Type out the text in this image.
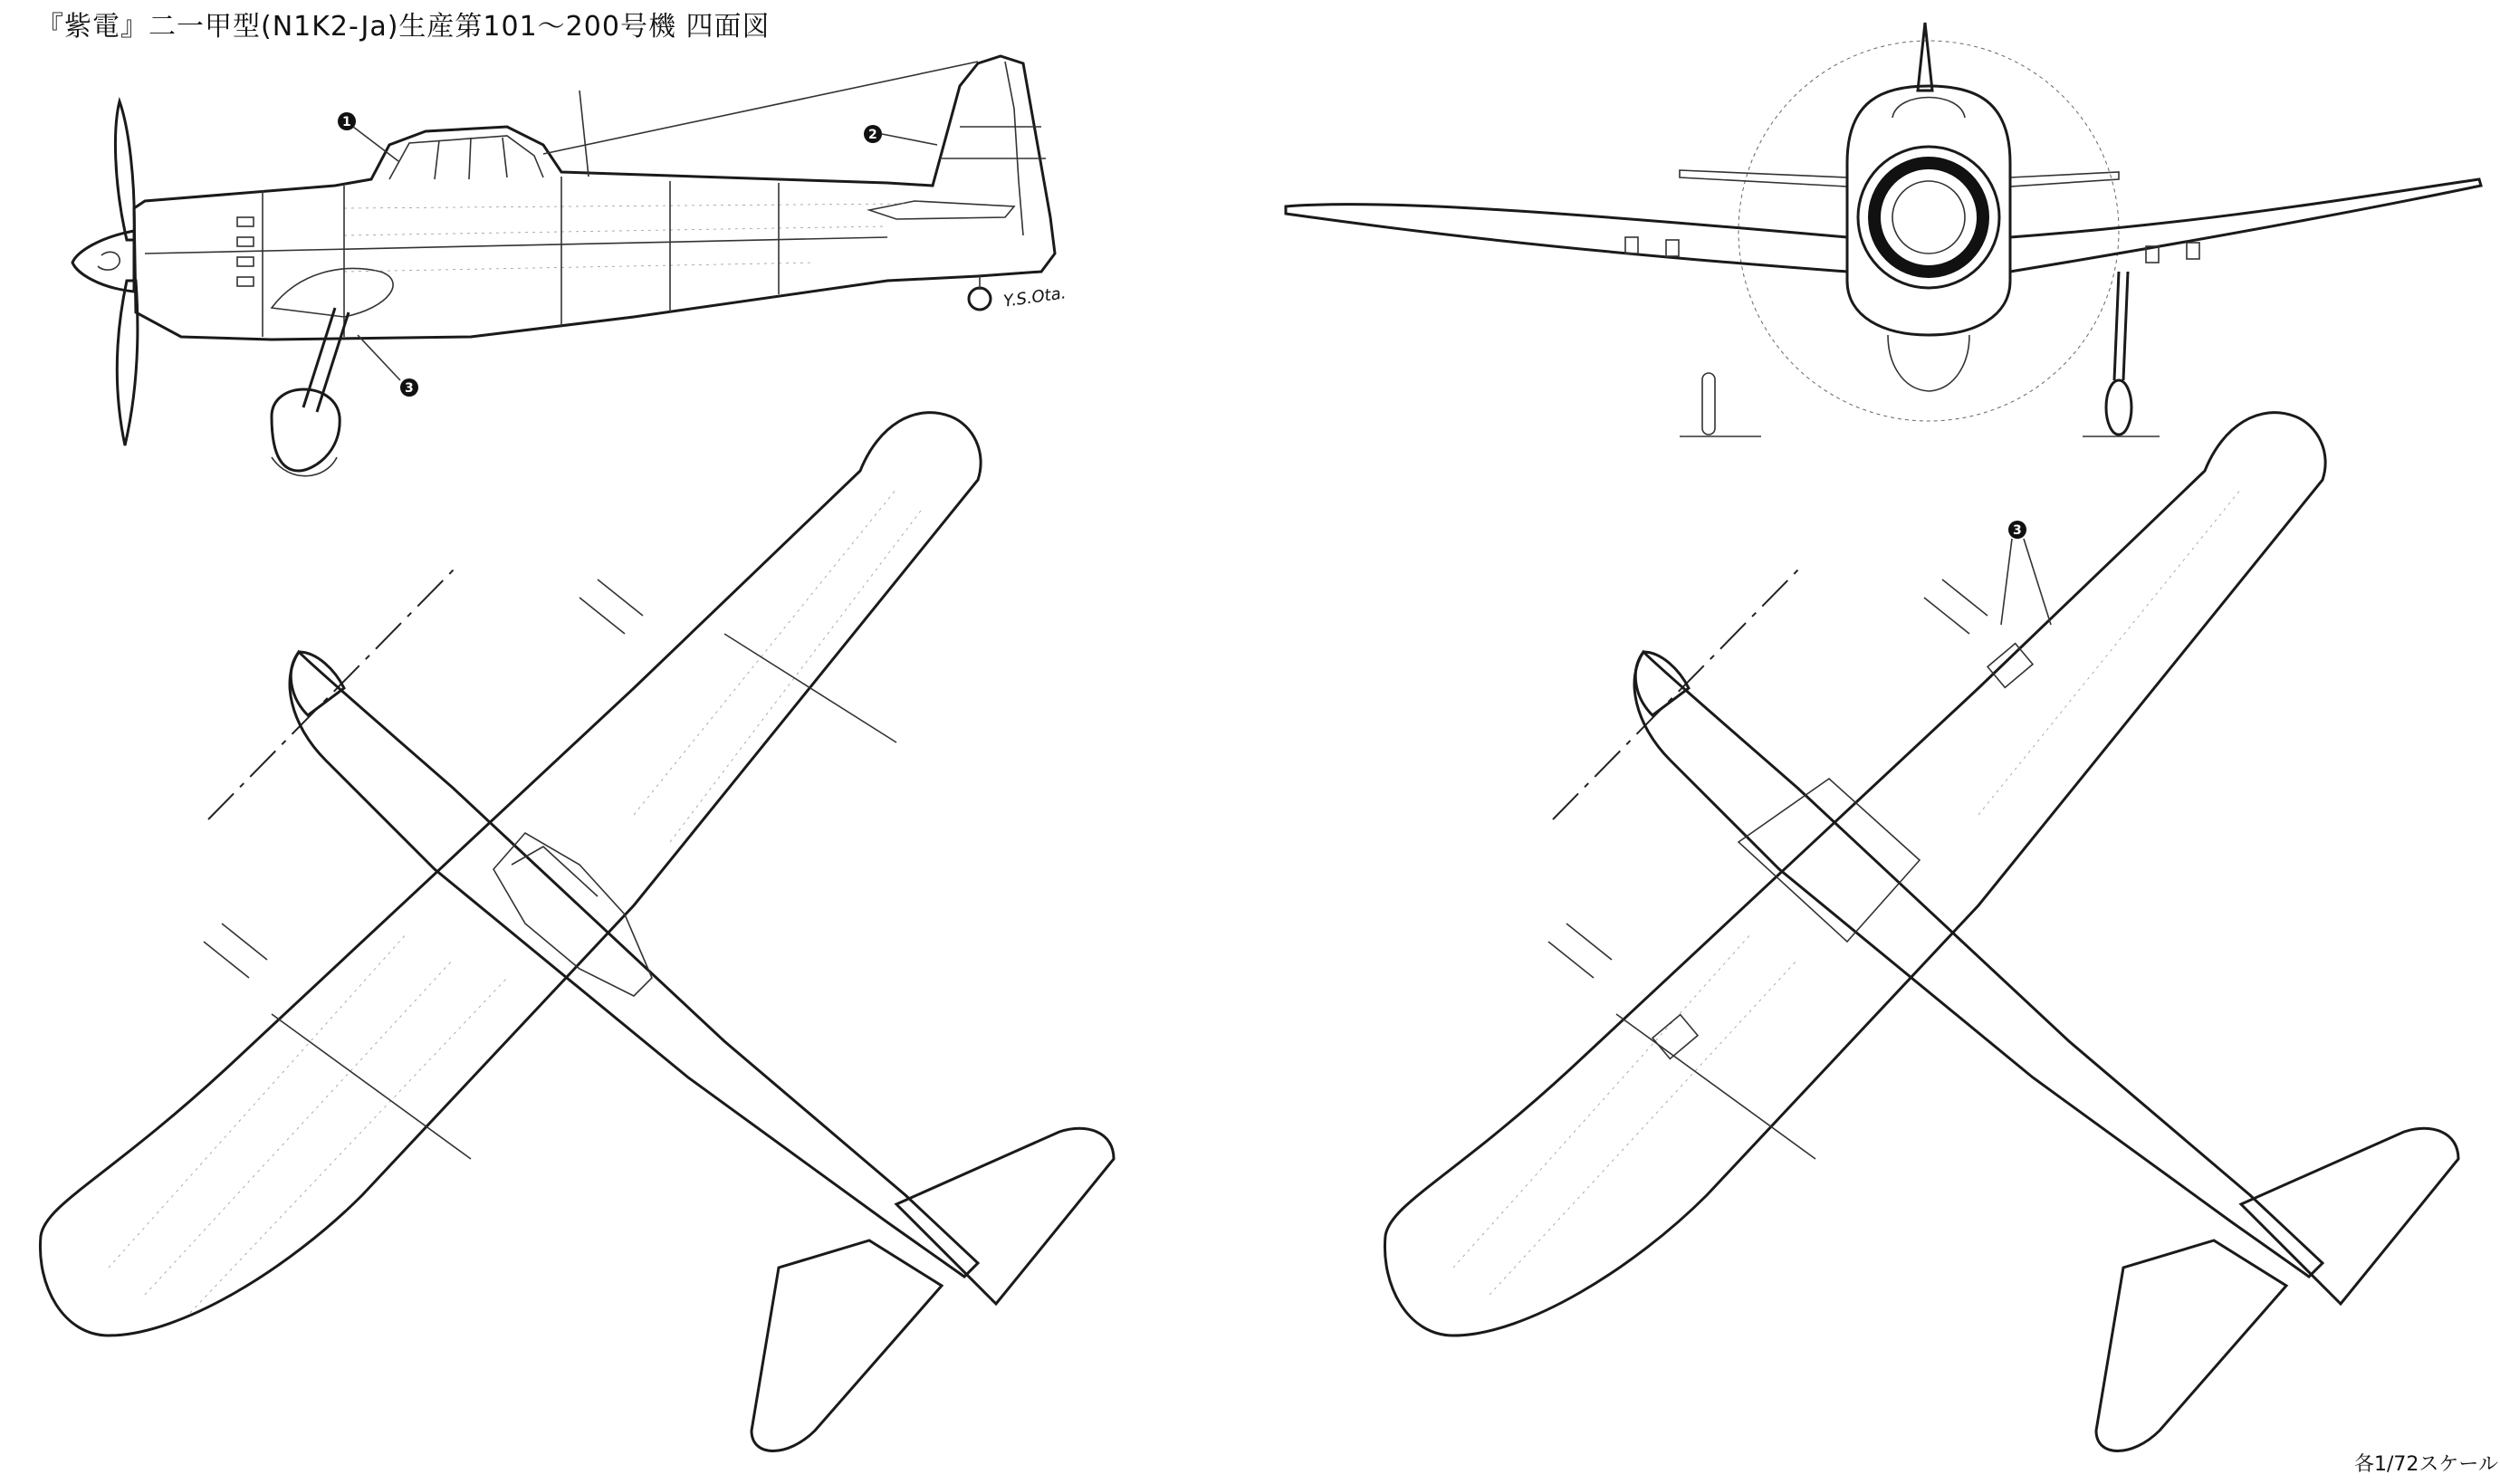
『紫電』二一甲型(N1K2-Ja)生産第101〜200号機 四面図
各1/72スケール
Y.S.Ota.
1
2
3
3
